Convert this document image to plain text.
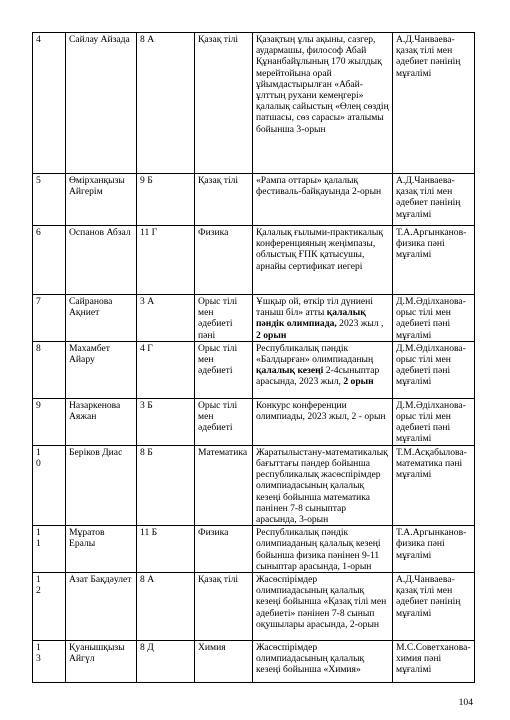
4	Сайлау Айзада	8 А	Қазақ тілі	Қазақтың ұлы ақыны, сазгер, аудармашы, философ Абай Құнанбайұлының 170 жылдық мерейтойына орай ұйымдастырылған «Абай-ұлттың рухани кемеңгері» қалалық сайыстың «Өлең сөздің патшасы, сөз сарасы» аталымы бойынша 3-орын	А.Д.Чанваева-қазақ тілі мен әдебиет пәнінің мұғалімі

5	Өмірханқызы Айгерім	9 Б	Қазақ тілі	«Рампа оттары» қалалық фестиваль-байқауында 2-орын	А.Д.Чанваева-қазақ тілі мен әдебиет пәнінің мұғалімі

6	Оспанов Абзал	11 Г	Физика	Қалалық ғылыми-практикалық конференцияның жеңімпазы, облыстық ҒПК қатысушы, арнайы сертификат иегері	Т.А.Аргынканов-физика пәні мұғалімі

7	Сайранова Ақниет	3 А	Орыс тілі мен әдебиеті пәні	Ұшқыр ой, өткір тіл дүниені таныш біл» атты қалалық пәндік олимпиада, 2023 жыл , 2 орын	Д.М.Әділханова-орыс тілі мен әдебиеті пәні мұғалімі

8	Махамбет Айару	4 Г	Орыс тілі мен әдебиеті	Республикалық пәндік «Балдырған» олимпиаданың қалалық кезеңі 2-4сыныптар арасында, 2023 жыл, 2 орын	Д.М.Әділханова-орыс тілі мен әдебиеті пәні мұғалімі

9	Назаркенова Аяжан	3 Б	Орыс тілі мен әдебиеті	Конкурс конференции олимпиады, 2023 жыл, 2 - орын	Д.М.Әділханова-орыс тілі мен әдебиеті пәні мұғалімі

10	Беріков Диас	8 Б	Математика	Жаратылыстану-математикалық бағыттағы пәндер бойынша республикалық жасөспірімдер олимпиадасының қалалық кезеңі бойынша математика пәнінен 7-8 сыныптар арасында, 3-орын	Т.М.Асқабылова-математика пәні мұғалімі

11	Мұратов Ералы	11 Б	Физика	Республикалық пәндік олимпиаданың қалалық кезеңі бойынша физика пәнінен 9-11 сыныптар арасында, 1-орын	Т.А.Аргынканов-физика пәні мұғалімі

12	Азат Бақдәулет	8 А	Қазақ тілі	Жасөспірімдер олимпиадасының қалалық кезеңі бойынша «Қазақ тілі мен әдебиеті» пәнінен 7-8 сынып оқушылары арасында, 2-орын	А.Д.Чанваева-қазақ тілі мен әдебиет пәнінің мұғалімі

13	Қуанышқызы Айгүл	8 Д	Химия	Жасөспірімдер олимпиадасының қалалық кезеңі бойынша «Химия»	М.С.Советханова-химия пәні мұғалімі
104
